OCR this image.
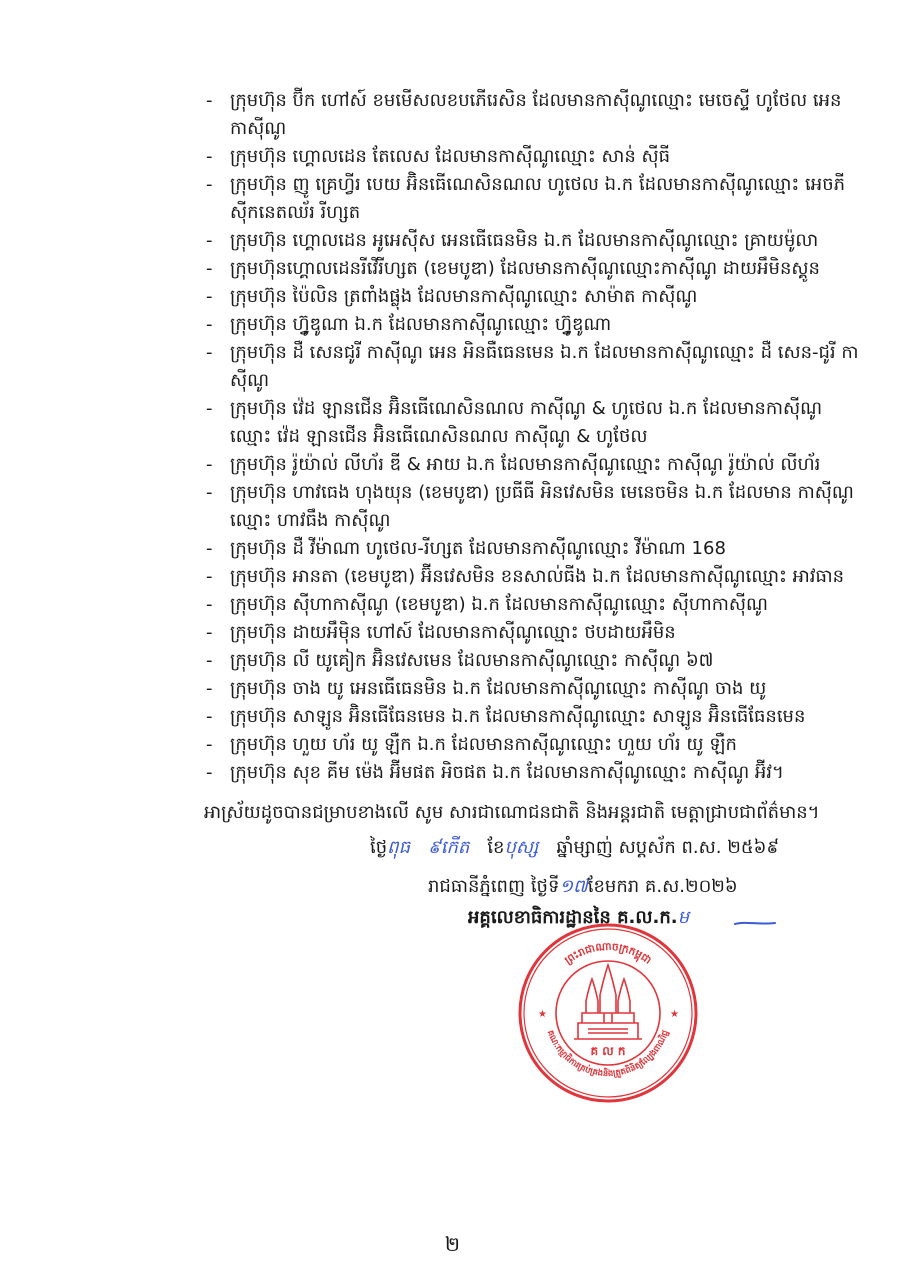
- ក្រុមហ៊ុន ប៊ីក ហៅស៍ ខមមើសលខបភើរេសិន ដែលមានកាស៊ីណូឈ្មោះ មេចេស្ទី ហូថែល អេន កាស៊ីណូ
- ក្រុមហ៊ុន ហ្គោលដេន តែលេស ដែលមានកាស៊ីណូឈ្មោះ សាន់ ស៊ីធី
- ក្រុមហ៊ុន ញូ គ្រេហ្វីរ បេយ អ៊ិនធើណេសិនណល ហូថេល ឯ.ក ដែលមានកាស៊ីណូឈ្មោះ អេចភី ស៊ីកនេតឈ័រ រីហ្សត
- ក្រុមហ៊ុន ហ្គោលដេន អូអេស៊ីស អេនធើធេនមិន ឯ.ក ដែលមានកាស៊ីណូឈ្មោះ គ្រាយម៉ូលា
- ក្រុមហ៊ុនហ្គោលដេនរីវើរីហ្សត (ខេមបូឌា) ដែលមានកាស៊ីណូឈ្មោះកាស៊ីណូ ដាយអឹមិនស្គូន
- ក្រុមហ៊ុន ប៉ៃលិន ត្រពាំងផ្លុង ដែលមានកាស៊ីណូឈ្មោះ សាម៉ាត កាស៊ីណូ
- ក្រុមហ៊ុន ហ្វ៊ូឌូណា ឯ.ក ដែលមានកាស៊ីណូឈ្មោះ ហ្វ៊ូឌូណា
- ក្រុមហ៊ុន ដឺ សេនជូរី កាស៊ីណូ អេន អិនធឺធេនមេន ឯ.ក ដែលមានកាស៊ីណូឈ្មោះ ដឺ សេន-ជូរី កាស៊ីណូ
- ក្រុមហ៊ុន វ៉េដ ឡានជើន អ៊ិនធើណេសិនណល កាស៊ីណូ & ហូថេល ឯ.ក ដែលមានកាស៊ីណូ ឈ្មោះ វ៉េដ ឡានជើន អ៊ិនធើណេសិនណល កាស៊ីណូ & ហូថែល
- ក្រុមហ៊ុន រ៉ូយ៉ាល់ លីហ័រ ឌី & អាយ ឯ.ក ដែលមានកាស៊ីណូឈ្មោះ កាស៊ីណូ រ៉ូយ៉ាល់ លីហ័រ
- ក្រុមហ៊ុន ហាវធេង ហុងយុន (ខេមបូឌា) ប្រធីធី អិនវេសមិន មេនេចមិន ឯ.ក ដែលមាន កាស៊ីណូឈ្មោះ ហាវធឹង កាស៊ីណូ
- ក្រុមហ៊ុន ដឺ វីម៉ាណា ហូថេល-រីហ្សត ដែលមានកាស៊ីណូឈ្មោះ វីម៉ាណា 168
- ក្រុមហ៊ុន អានតា (ខេមបូឌា) អ៊ីនវេសមិន ខនសាល់ធីង ឯ.ក ដែលមានកាស៊ីណូឈ្មោះ អាវធាន
- ក្រុមហ៊ុន ស៊ីហាកាស៊ីណូ (ខេមបូឌា) ឯ.ក ដែលមានកាស៊ីណូឈ្មោះ ស៊ីហាកាស៊ីណូ
- ក្រុមហ៊ុន ដាយអឹម៉ិន ហៅស៍ ដែលមានកាស៊ីណូឈ្មោះ ថបដាយអឹមិន
- ក្រុមហ៊ុន លី យូគៀក អ៊ិនវេសមេន ដែលមានកាស៊ីណូឈ្មោះ កាស៊ីណូ ៦៧
- ក្រុមហ៊ុន ចាង យូ អេនធើធេនមិន ឯ.ក ដែលមានកាស៊ីណូឈ្មោះ កាស៊ីណូ ចាង យូ
- ក្រុមហ៊ុន សាឡូន អ៊ិនធើធែនមេន ឯ.ក ដែលមានកាស៊ីណូឈ្មោះ សាឡូន អ៊ិនធើធែនមេន
- ក្រុមហ៊ុន ហួយ ហ័រ យូ ឡឺក ឯ.ក ដែលមានកាស៊ីណូឈ្មោះ ហួយ ហ័រ យូ ឡឺក
- ក្រុមហ៊ុន សុខ គីម ម៉េង អ៊ីមផត អិចផត ឯ.ក ដែលមានកាស៊ីណូឈ្មោះ កាស៊ីណូ អ៊ីវ។

អាស្រ័យដូចបានជម្រាបខាងលើ សូម សារជាណោជនជាតិ និងអន្តរជាតិ មេត្តាជ្រាបជាព័ត៌មាន។

ថ្ងៃពុធ ៩កើត ខែបុស្ស ឆ្នាំម្សាញ់ សប្តស័ក ព.ស. ២៥៦៩
រាជធានីភ្នំពេញ ថ្ងៃទី១៧ខែមករា គ.ស.២០២៦
អគ្គលេខាធិការដ្ឋាននៃ គ.ល.ក.ម
ព្រះរាជាណាចក្រកម្ពុជា
គណៈកម្មាធិការគ្រប់គ្រងនិងត្រួតពិនិត្យល្បែងពាណិជ្ជ
★	★
គ ល ក
២
